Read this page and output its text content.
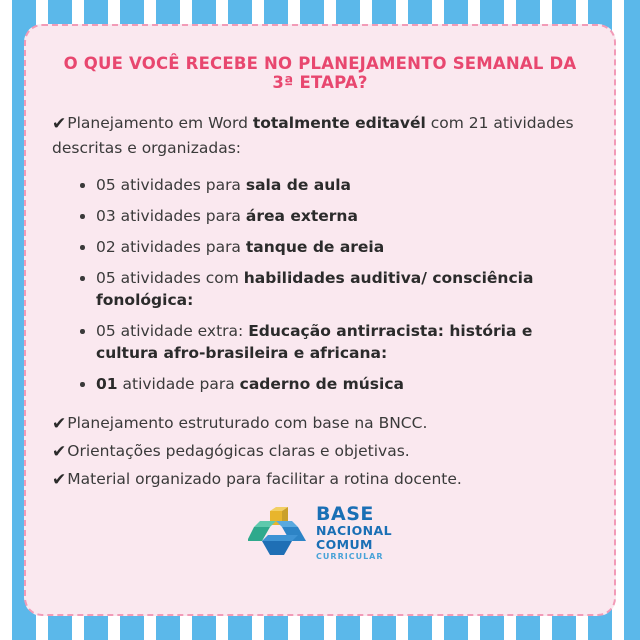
O QUE VOCÊ RECEBE NO PLANEJAMENTO SEMANAL DA 3ª ETAPA?

✔Planejamento em Word totalmente editavél com 21 atividades descritas e organizadas:

05 atividades para sala de aula
03 atividades para área externa
02 atividades para tanque de areia
05 atividades com habilidades auditiva/ consciência fonológica:
05 atividade extra: Educação antirracista: história e cultura afro-brasileira e africana:
01 atividade para caderno de música

✔Planejamento estruturado com base na BNCC.

✔Orientações pedagógicas claras e objetivas.

✔Material organizado para facilitar a rotina docente.

BASE
NACIONAL
COMUM
CURRICULAR
